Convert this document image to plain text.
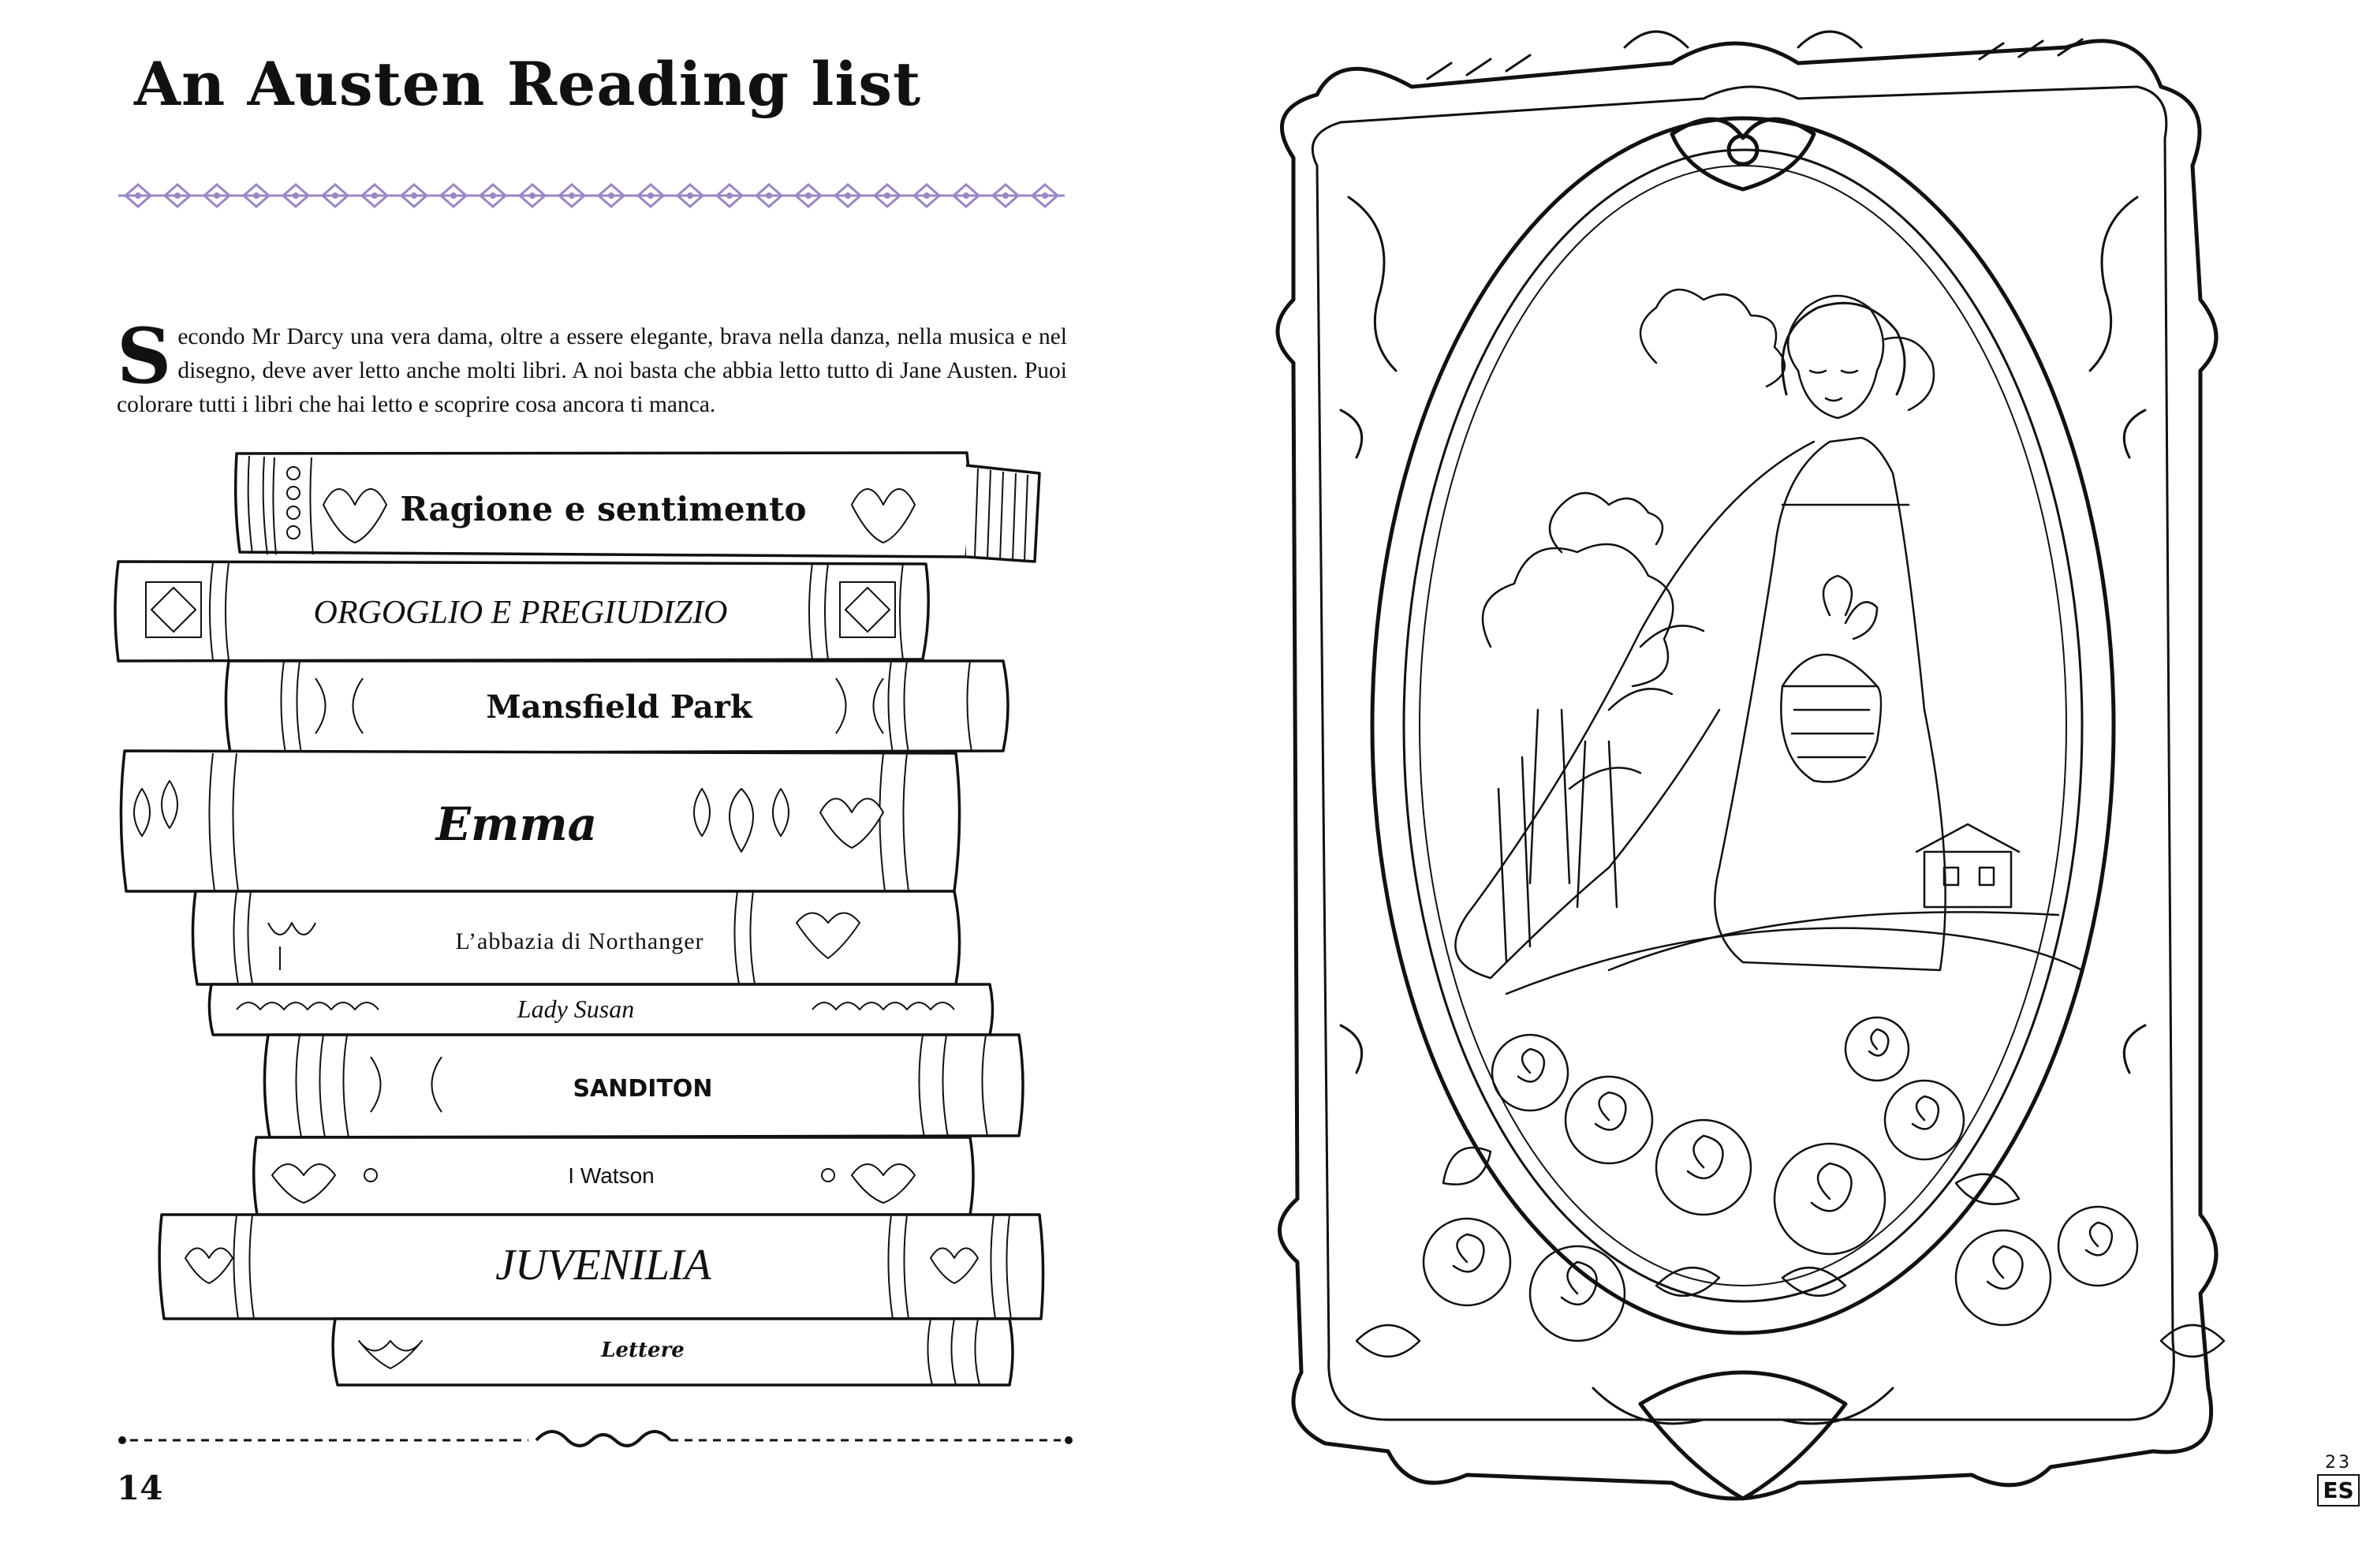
An Austen Reading list

S econdo Mr Darcy una vera dama, oltre a essere elegante, brava nella danza, nella musica e nel disegno, deve aver letto anche molti libri. A noi basta che abbia letto tutto di Jane Austen. Puoi colorare tutti i libri che hai letto e scoprire cosa ancora ti manca.

Ragione e sentimento
ORGOGLIO E PREGIUDIZIO
Mansfield Park
Emma
L’abbazia di Northanger
Lady Susan
SANDITON
I Watson
JUVENILIA
Lettere

14

23
ES
